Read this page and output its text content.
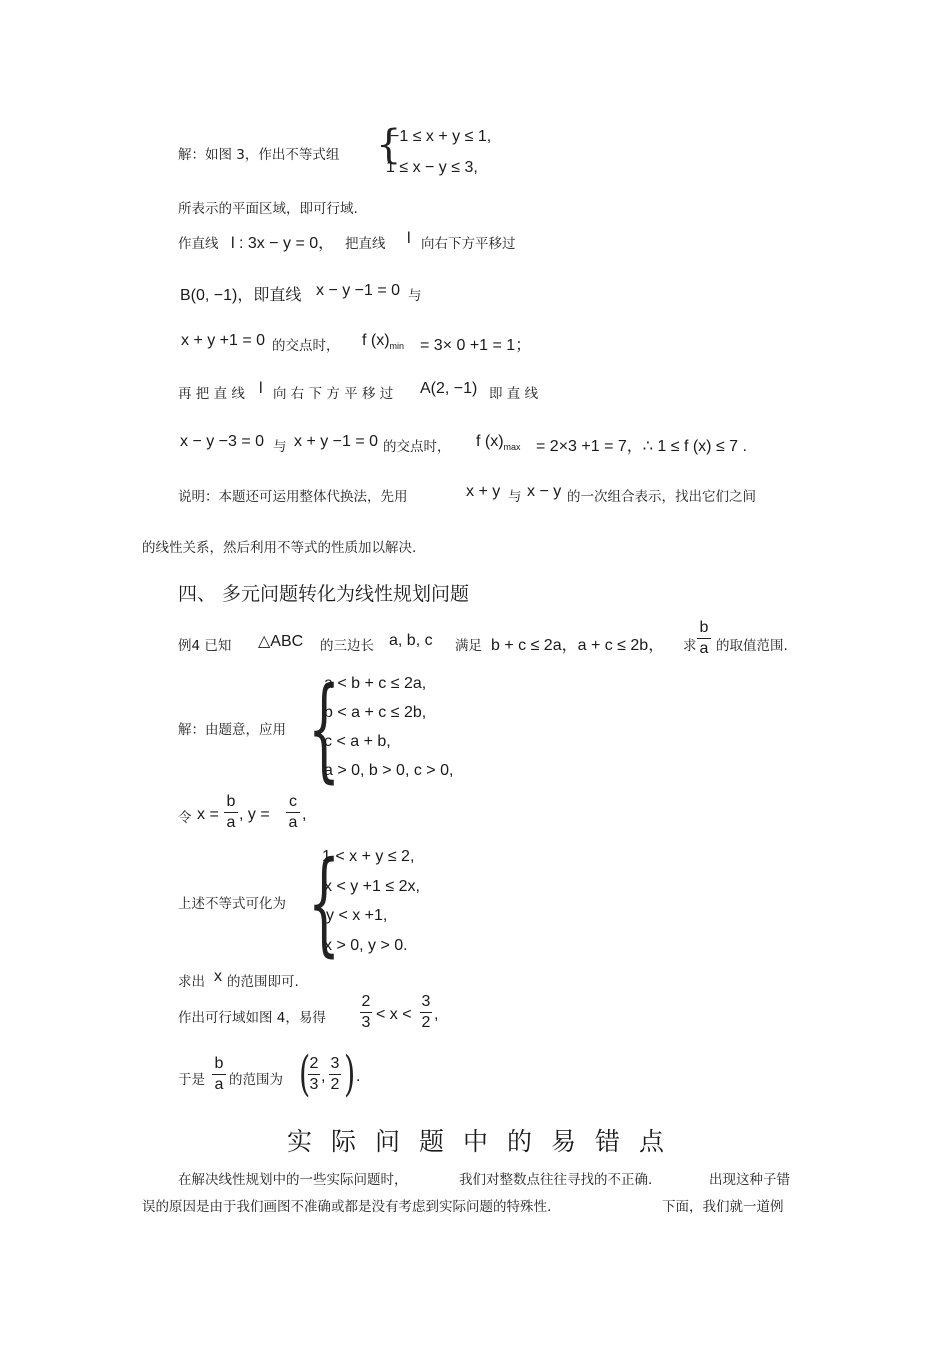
解：如图 3，作出不等式组 {
−1 ≤ x + y ≤ 1,
1 ≤ x − y ≤ 3,
所表示的平面区域，即可行域.
作直线 l : 3x − y = 0， 把直线 l 向右下方平移过
B(0, −1)，即直线 x − y −1 = 0 与
x + y +1 = 0 的交点时， f $(x)_{min} = 3\times 0 +1 = 1$；
再 把 直 线 l 向 右 下 方 平 移 过 A(2, −1) 即 直 线
x − y −3 = 0 与 x + y −1 = 0 的交点时， f $(x)_{max} = 2\times 3 +1 = 7$，∴ 1 ≤ f (x) ≤ 7 .
说明：本题还可运用整体代换法，先用	x + y 与 x − y 的一次组合表示，找出它们之间
的线性关系，然后利用不等式的性质加以解决.
四、 多元问题转化为线性规划问题
例4 已知 △ABC 的三边长 a, b, c 满足 b + c ≤ 2a，a + c ≤ 2b， 求
b
a 的取值范围.
解：由题意，应用 {
a < b + c ≤ 2a,
b < a + c ≤ 2b,
c < a + b,
a > 0, b > 0, c > 0,
令 x =
b
a , y =
c
a ,
上述不等式可化为 {
1 < x + y ≤ 2,
x < y +1 ≤ 2x,
y < x +1,
x > 0, y > 0.
求出 x 的范围即可.
作出可行域如图 4，易得
2
3 < x <
3
2 ,
于是
b
a 的范围为 ( 2
3 ,
3
2 ) .
实际问题中的易错点
在解决线性规划中的一些实际问题时，	我们对整数点往往寻找的不正确.	出现这种子错
误的原因是由于我们画图不准确或都是没有考虑到实际问题的特殊性.	下面，我们就一道例
